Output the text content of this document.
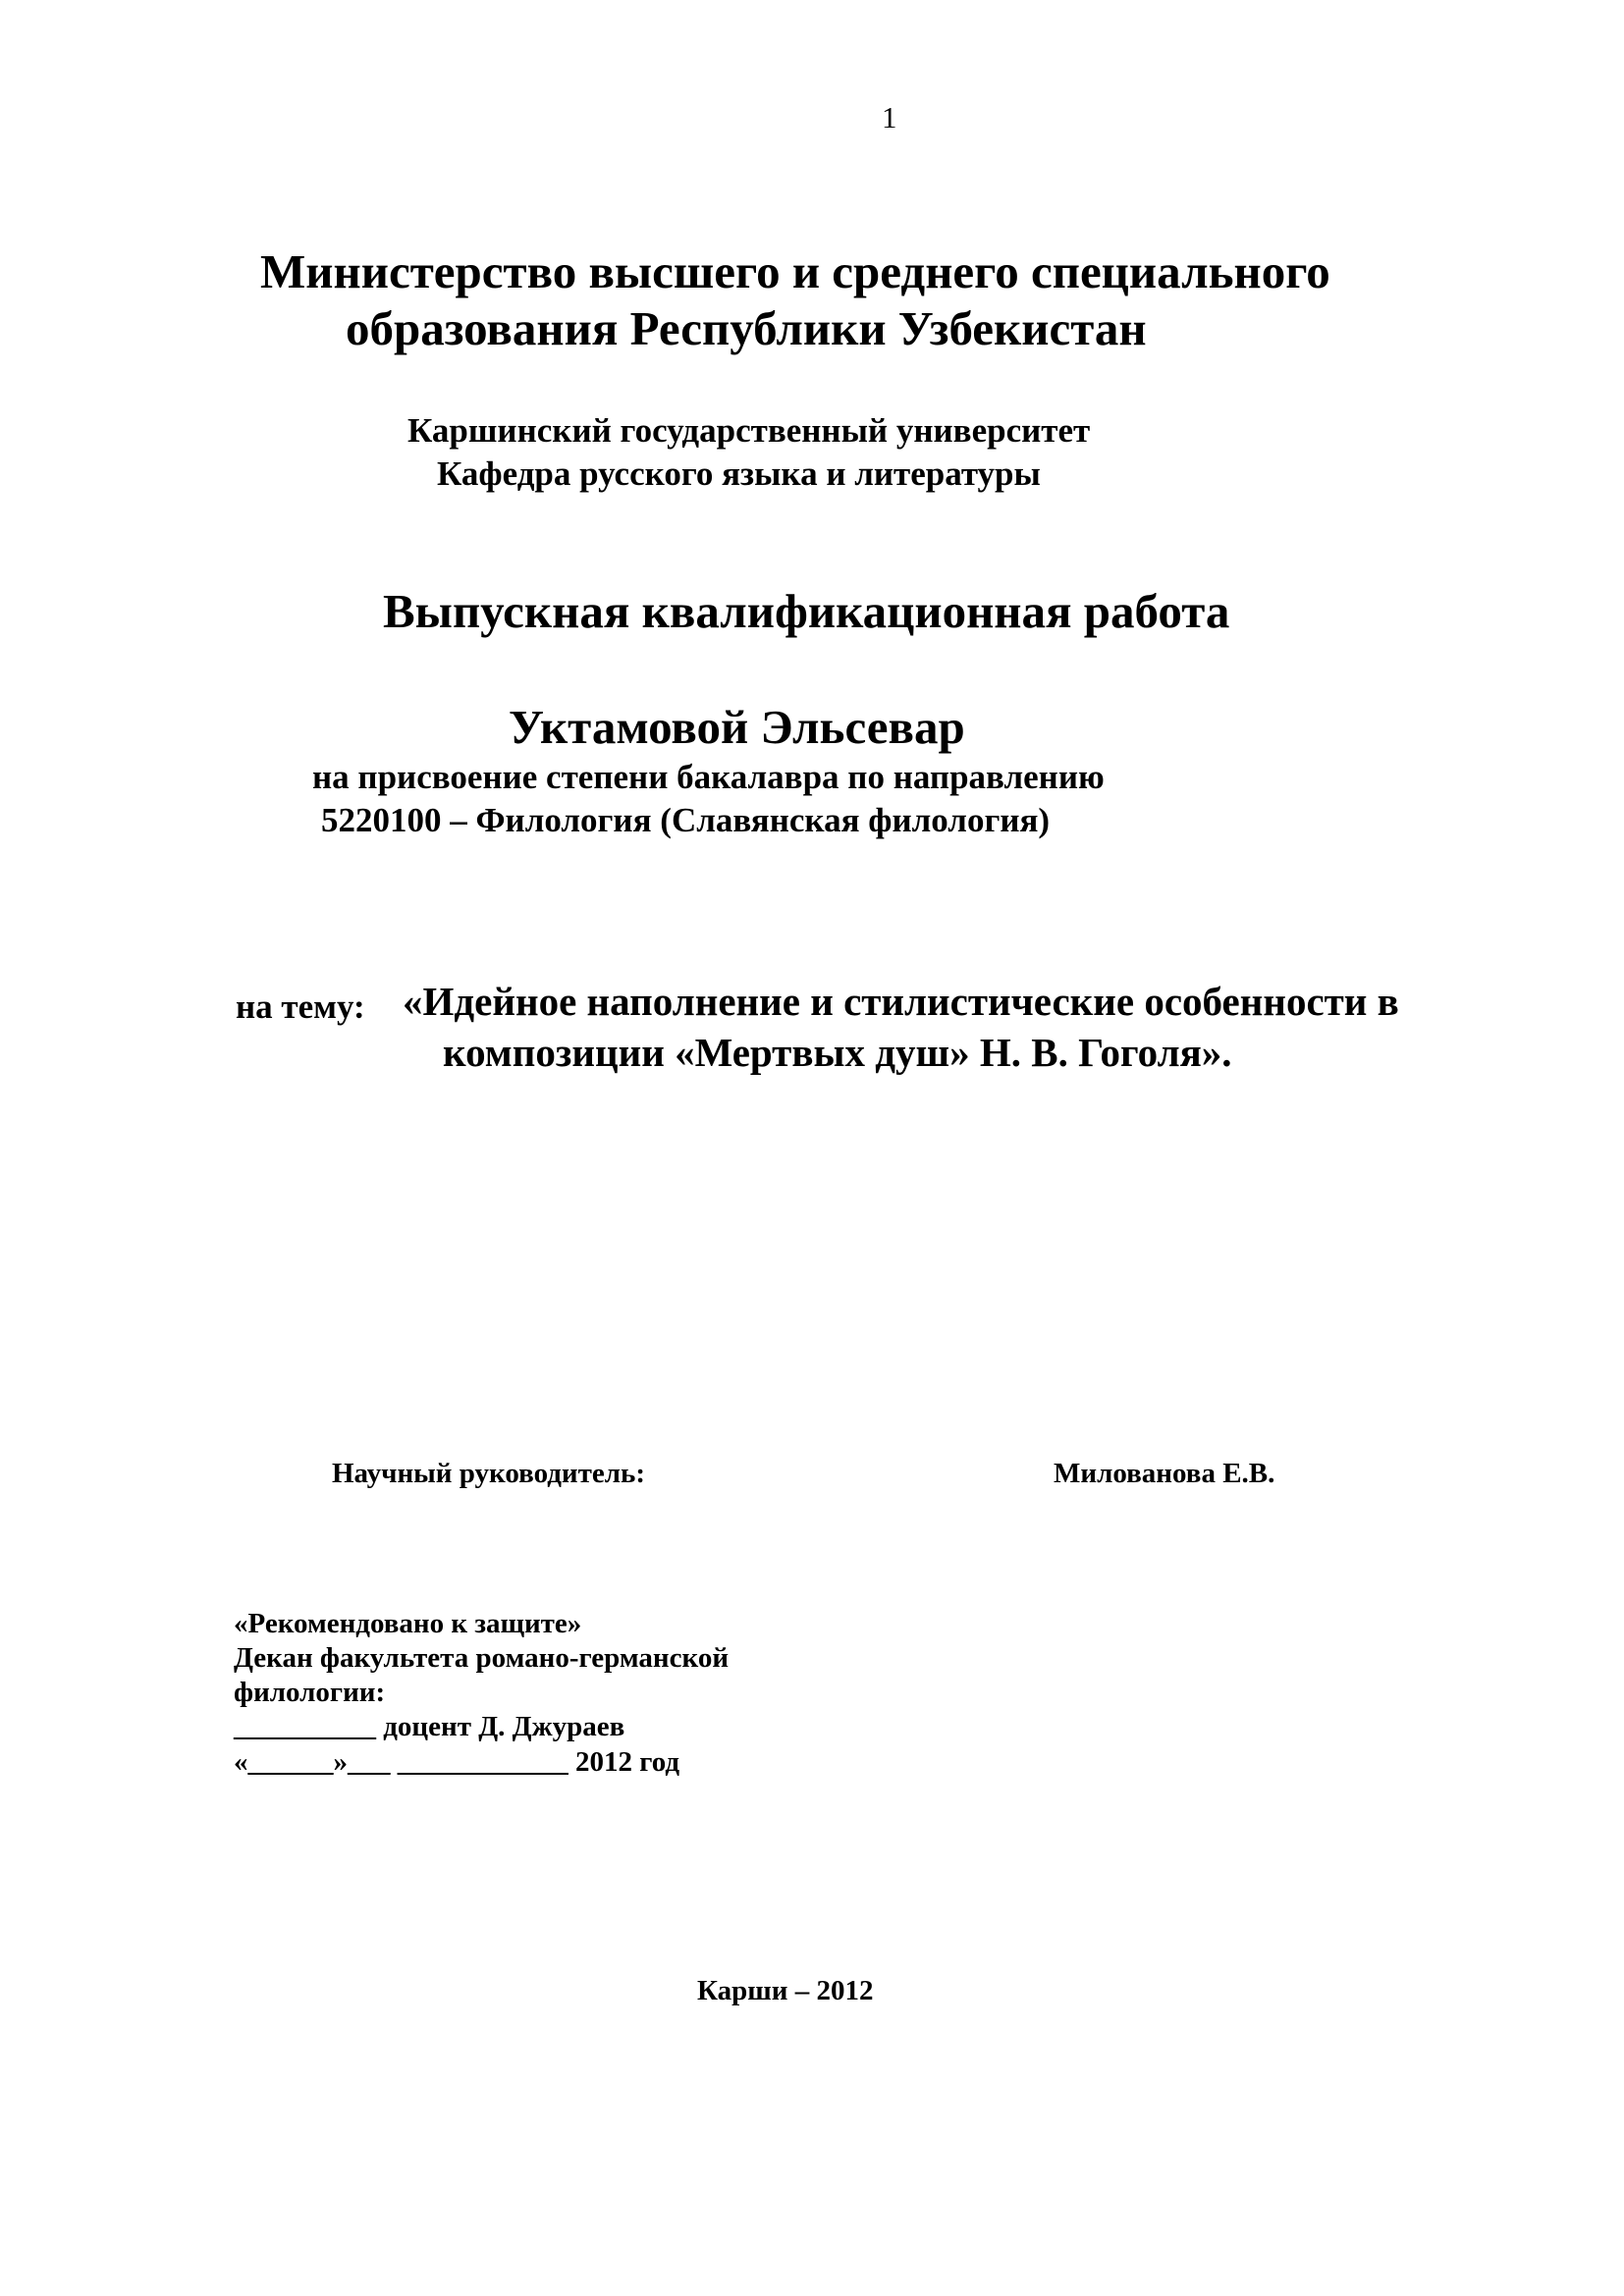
1
Министерство высшего и среднего специального
образования Республики Узбекистан
Каршинский государственный университет
Кафедра русского языка и литературы
Выпускная квалификационная работа
Уктамовой Эльсевар
на присвоение степени бакалавра по направлению
5220100 – Филология (Славянская филология)
на тему: «Идейное наполнение и стилистические особенности в
композиции «Мертвых душ» Н. В. Гоголя».
Научный руководитель:	Милованова Е.В.
«Рекомендовано к защите»
Декан факультета романо-германской
филологии:
__________ доцент Д. Джураев
«______»___ ____________ 2012 год
Карши – 2012
